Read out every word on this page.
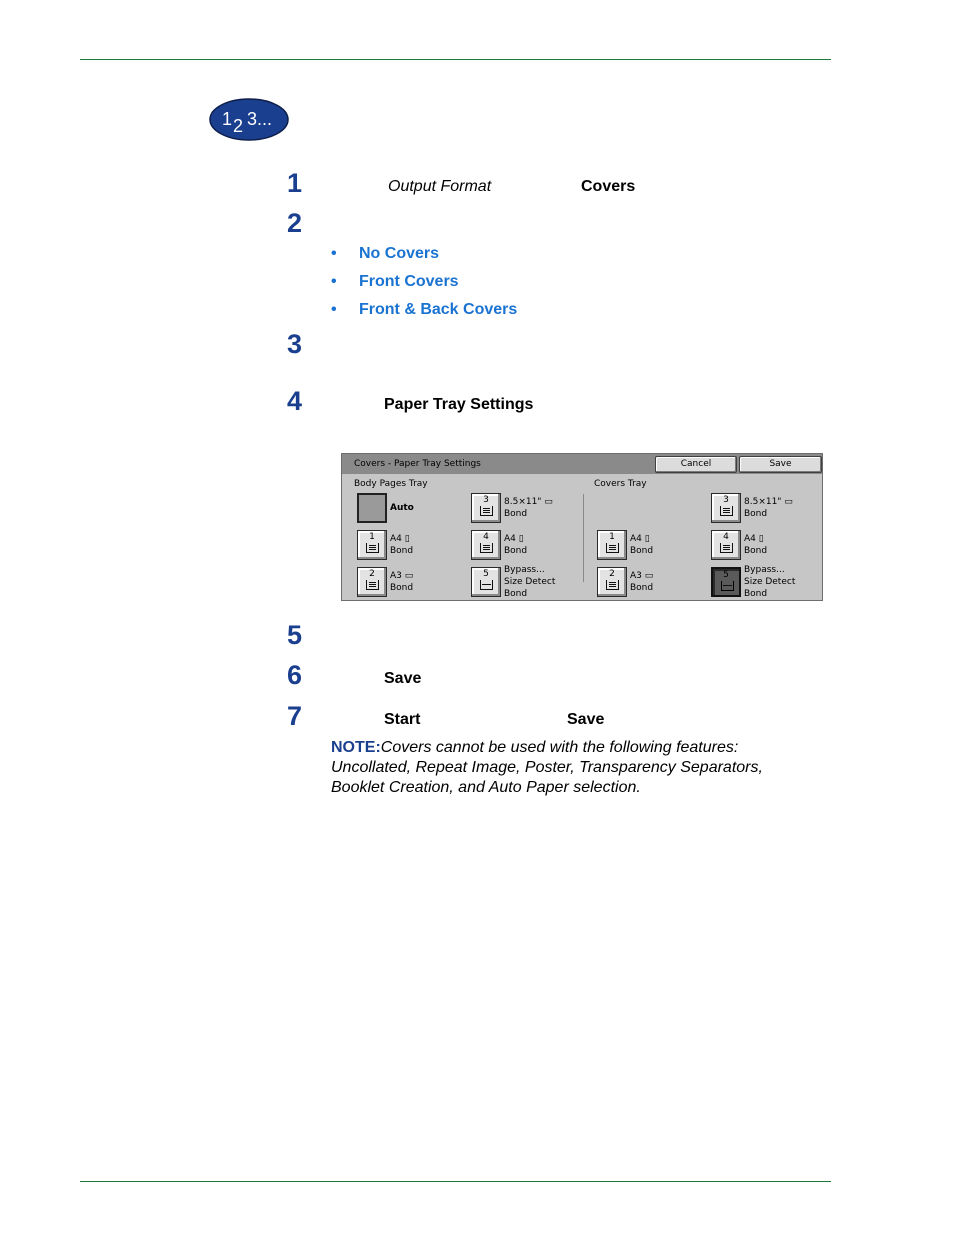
1 2 3...
1	Output Format	Covers
2
• No Covers
• Front Covers
• Front & Back Covers
3
4	Paper Tray Settings
Covers - Paper Tray Settings	Cancel	Save
Body Pages Tray	Covers Tray
Auto
3	8.5×11" ▭
Bond
1	A4 ▯
Bond
4	A4 ▯
Bond
2	A3 ▭
Bond
5	Bypass...
Size Detect
Bond
3	8.5×11" ▭
Bond
1	A4 ▯
Bond
4	A4 ▯
Bond
2	A3 ▭
Bond
5	Bypass...
Size Detect
Bond
5
6	Save
7	Start	Save
NOTE:Covers cannot be used with the following features: Uncollated, Repeat Image, Poster, Transparency Separators, Booklet Creation, and Auto Paper selection.
